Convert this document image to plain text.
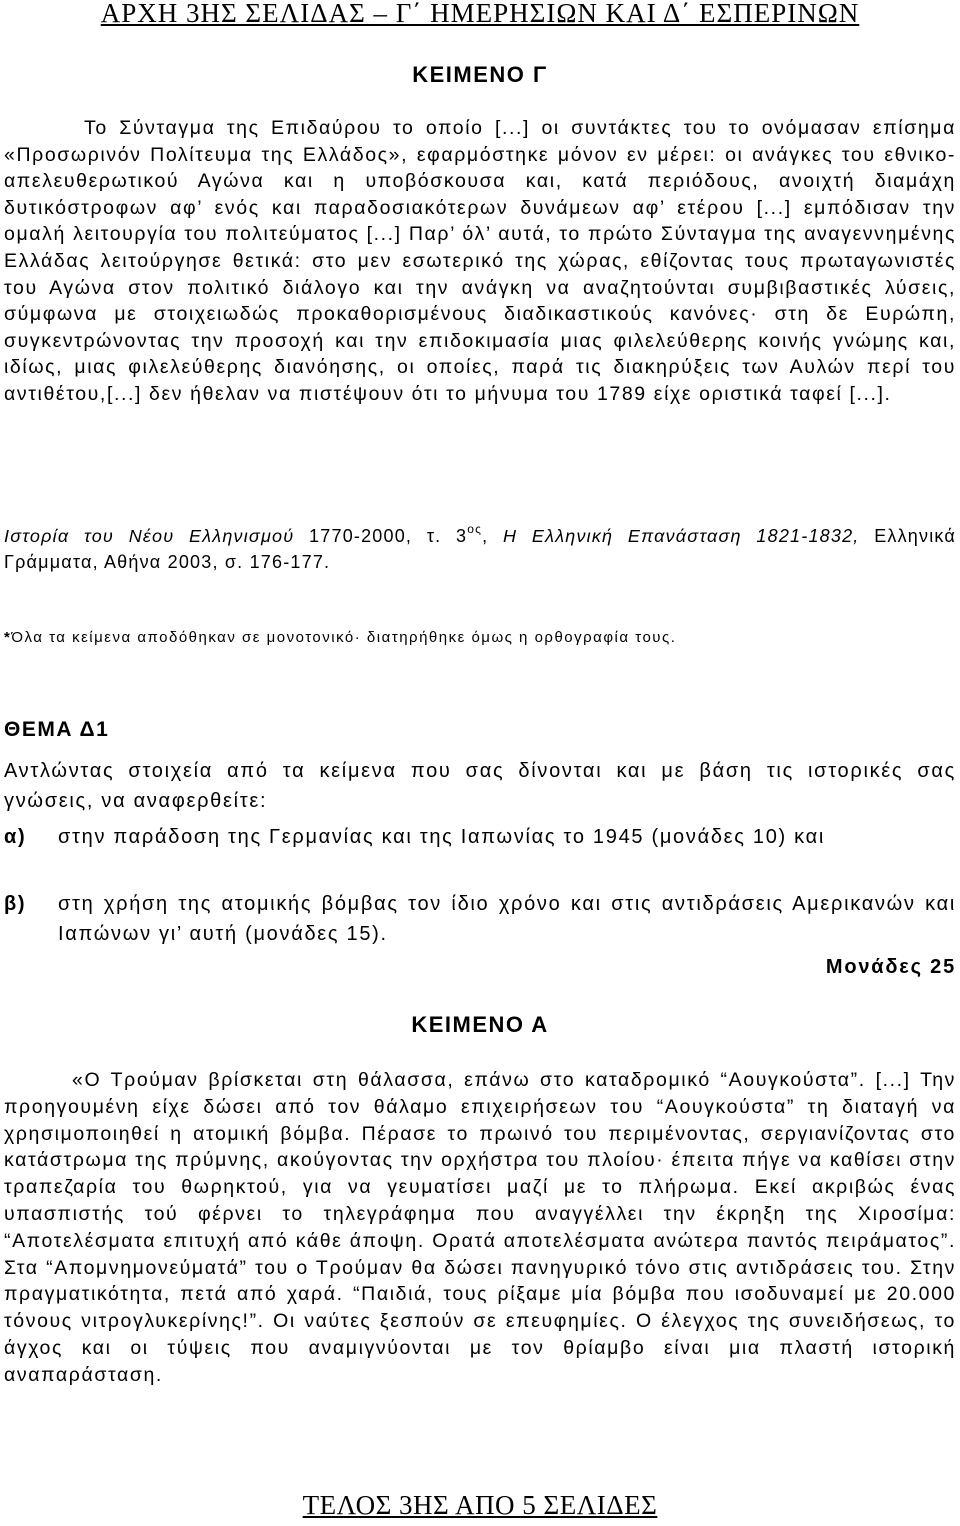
ΑΡΧΗ 3ΗΣ ΣΕΛΙΔΑΣ – Γ΄ ΗΜΕΡΗΣΙΩΝ ΚΑΙ Δ΄ ΕΣΠΕΡΙΝΩΝ
ΚΕΙΜΕΝΟ Γ
Το Σύνταγμα της Επιδαύρου το οποίο [...] οι συντάκτες του το ονόμασαν επίσημα «Προσωρινόν Πολίτευμα της Ελλάδος», εφαρμόστηκε μόνον εν μέρει: οι ανάγκες του εθνικο-απελευθερωτικού Αγώνα και η υποβόσκουσα και, κατά περιόδους, ανοιχτή διαμάχη δυτικόστροφων αφ’ ενός και παραδοσιακότερων δυνάμεων αφ’ ετέρου [...] εμπόδισαν την ομαλή λειτουργία του πολιτεύματος [...] Παρ’ όλ’ αυτά, το πρώτο Σύνταγμα της αναγεννημένης Ελλάδας λειτούργησε θετικά: στο μεν εσωτερικό της χώρας, εθίζοντας τους πρωταγωνιστές του Αγώνα στον πολιτικό διάλογο και την ανάγκη να αναζητούνται συμβιβαστικές λύσεις, σύμφωνα με στοιχειωδώς προκαθορισμένους διαδικαστικούς κανόνες· στη δε Ευρώπη, συγκεντρώνοντας την προσοχή και την επιδοκιμασία μιας φιλελεύθερης κοινής γνώμης και, ιδίως, μιας φιλελεύθερης διανόησης, οι οποίες, παρά τις διακηρύξεις των Αυλών περί του αντιθέτου,[...] δεν ήθελαν να πιστέψουν ότι το μήνυμα του 1789 είχε οριστικά ταφεί [...].
Ιστορία του Νέου Ελληνισμού 1770-2000, τ. $3^{o\varsigma}$, Η Ελληνική Επανάσταση 1821-1832, Ελληνικά Γράμματα, Αθήνα 2003, σ. 176-177.
*Όλα τα κείμενα αποδόθηκαν σε μονοτονικό· διατηρήθηκε όμως η ορθογραφία τους.
ΘΕΜΑ Δ1
Αντλώντας στοιχεία από τα κείμενα που σας δίνονται και με βάση τις ιστορικές σας γνώσεις, να αναφερθείτε:
α) στην παράδοση της Γερμανίας και της Ιαπωνίας το 1945 (μονάδες 10) και
β) στη χρήση της ατομικής βόμβας τον ίδιο χρόνο και στις αντιδράσεις Αμερικανών και Ιαπώνων γι’ αυτή (μονάδες 15).
Μονάδες 25
ΚΕΙΜΕΝΟ Α
«Ο Τρούμαν βρίσκεται στη θάλασσα, επάνω στο καταδρομικό “Αουγκούστα”. [...] Την προηγουμένη είχε δώσει από τον θάλαμο επιχειρήσεων του “Αουγκούστα” τη διαταγή να χρησιμοποιηθεί η ατομική βόμβα. Πέρασε το πρωινό του περιμένοντας, σεργιανίζοντας στο κατάστρωμα της πρύμνης, ακούγοντας την ορχήστρα του πλοίου· έπειτα πήγε να καθίσει στην τραπεζαρία του θωρηκτού, για να γευματίσει μαζί με το πλήρωμα. Εκεί ακριβώς ένας υπασπιστής τού φέρνει το τηλεγράφημα που αναγγέλλει την έκρηξη της Χιροσίμα: “Αποτελέσματα επιτυχή από κάθε άποψη. Ορατά αποτελέσματα ανώτερα παντός πειράματος”. Στα “Απομνημονεύματά” του ο Τρούμαν θα δώσει πανηγυρικό τόνο στις αντιδράσεις του. Στην πραγματικότητα, πετά από χαρά. “Παιδιά, τους ρίξαμε μία βόμβα που ισοδυναμεί με 20.000 τόνους νιτρογλυκερίνης!”. Οι ναύτες ξεσπούν σε επευφημίες. Ο έλεγχος της συνειδήσεως, το άγχος και οι τύψεις που αναμιγνύονται με τον θρίαμβο είναι μια πλαστή ιστορική αναπαράσταση.
ΤΕΛΟΣ 3ΗΣ ΑΠΟ 5 ΣΕΛΙΔΕΣ
